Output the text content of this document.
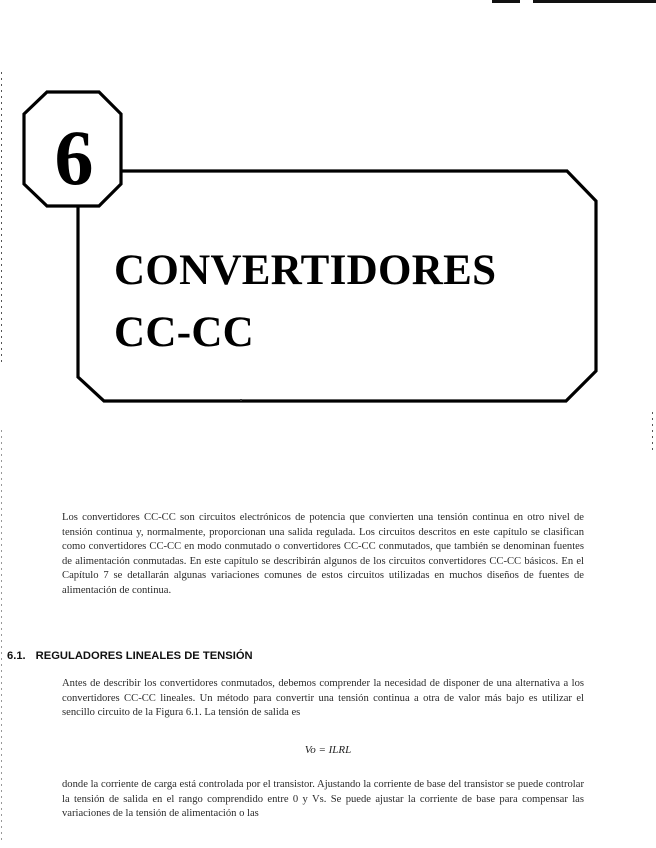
6
CONVERTIDORES
CC-CC

Los convertidores CC-CC son circuitos electrónicos de potencia que convierten una tensión continua en otro nivel de tensión continua y, normalmente, proporcionan una salida regulada. Los circuitos descritos en este capítulo se clasifican como convertidores CC-CC en modo conmutado o convertidores CC-CC conmutados, que también se denominan fuentes de alimentación conmutadas. En este capítulo se describirán algunos de los circuitos convertidores CC-CC básicos. En el Capítulo 7 se detallarán algunas variaciones comunes de estos circuitos utilizadas en muchos diseños de fuentes de alimentación de continua.

6.1. REGULADORES LINEALES DE TENSIÓN

Antes de describir los convertidores conmutados, debemos comprender la necesidad de disponer de una alternativa a los convertidores CC-CC lineales. Un método para convertir una tensión continua a otra de valor más bajo es utilizar el sencillo circuito de la Figura 6.1. La tensión de salida es

Vo = ILRL

donde la corriente de carga está controlada por el transistor. Ajustando la corriente de base del transistor se puede controlar la tensión de salida en el rango comprendido entre 0 y Vs. Se puede ajustar la corriente de base para compensar las variaciones de la tensión de alimentación o las
